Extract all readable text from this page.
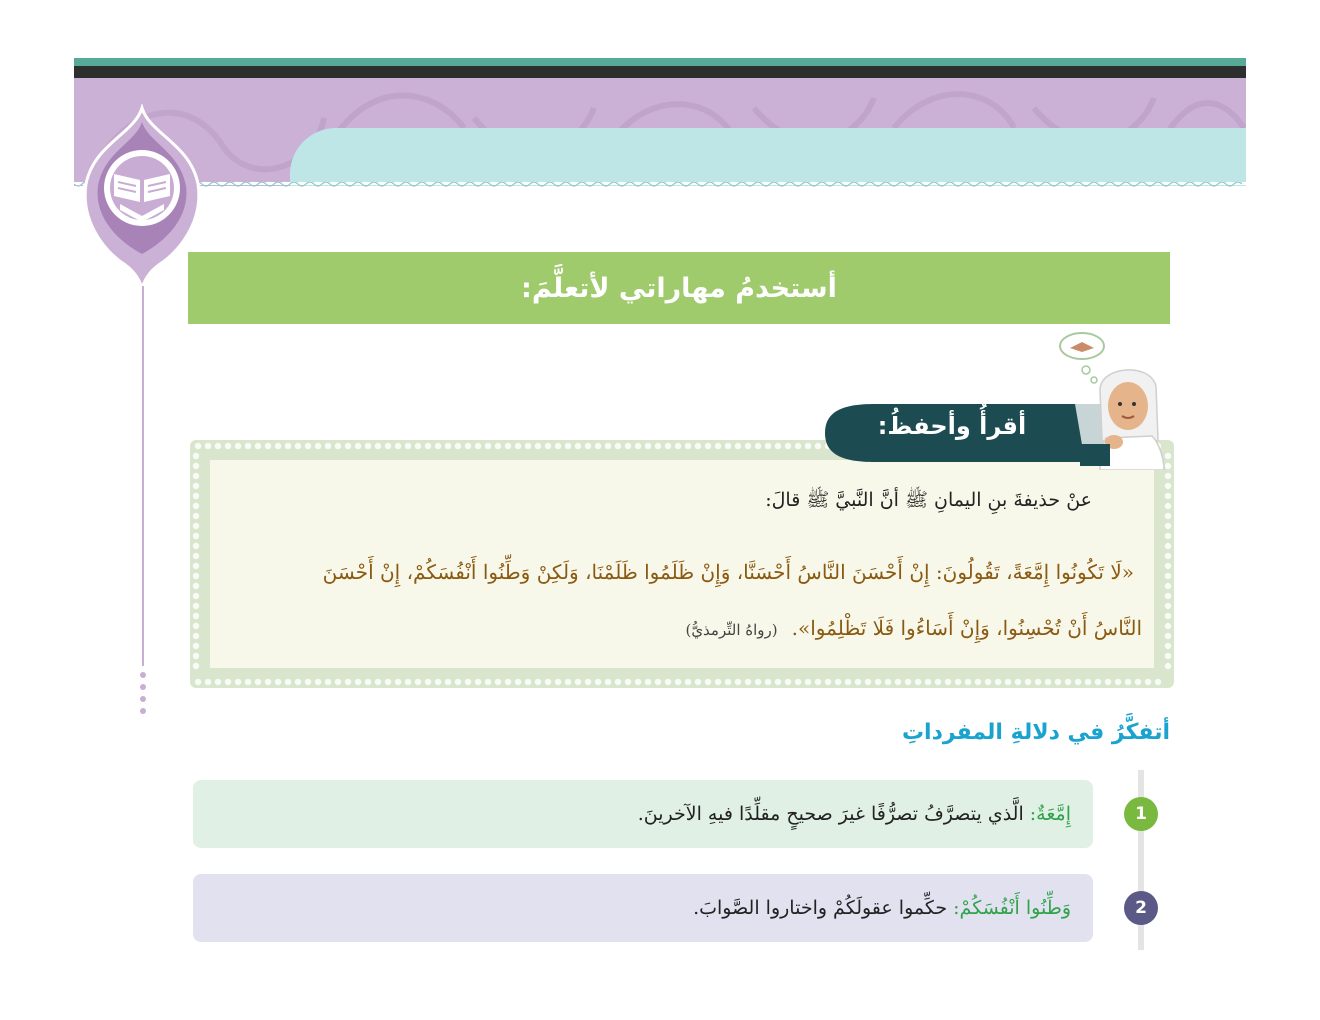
أستخدمُ مهاراتي لأتعلَّمَ:
أقرأُ وأحفظُ:
عنْ حذيفةَ بنِ اليمانِ ﷺ أنَّ النَّبيَّ ﷺ قالَ:
«لَا تَكُونُوا إِمَّعَةً، تَقُولُونَ: إِنْ أَحْسَنَ النَّاسُ أَحْسَنَّا، وَإِنْ ظَلَمُوا ظَلَمْنَا، وَلَكِنْ وَطِّنُوا أَنْفُسَكُمْ، إِنْ أَحْسَنَ
النَّاسُ أَنْ تُحْسِنُوا، وَإِنْ أَسَاءُوا فَلَا تَظْلِمُوا».(رواهُ التِّرمذيُّ)
أتفكَّرُ في دلالةِ المفرداتِ
إِمَّعَةٌ: الَّذي يتصرَّفُ تصرُّفًا غيرَ صحيحٍ مقلِّدًا فيهِ الآخرينَ.	1
وَطِّنُوا أَنْفُسَكُمْ: حكِّموا عقولَكُمْ واختاروا الصَّوابَ.	2
